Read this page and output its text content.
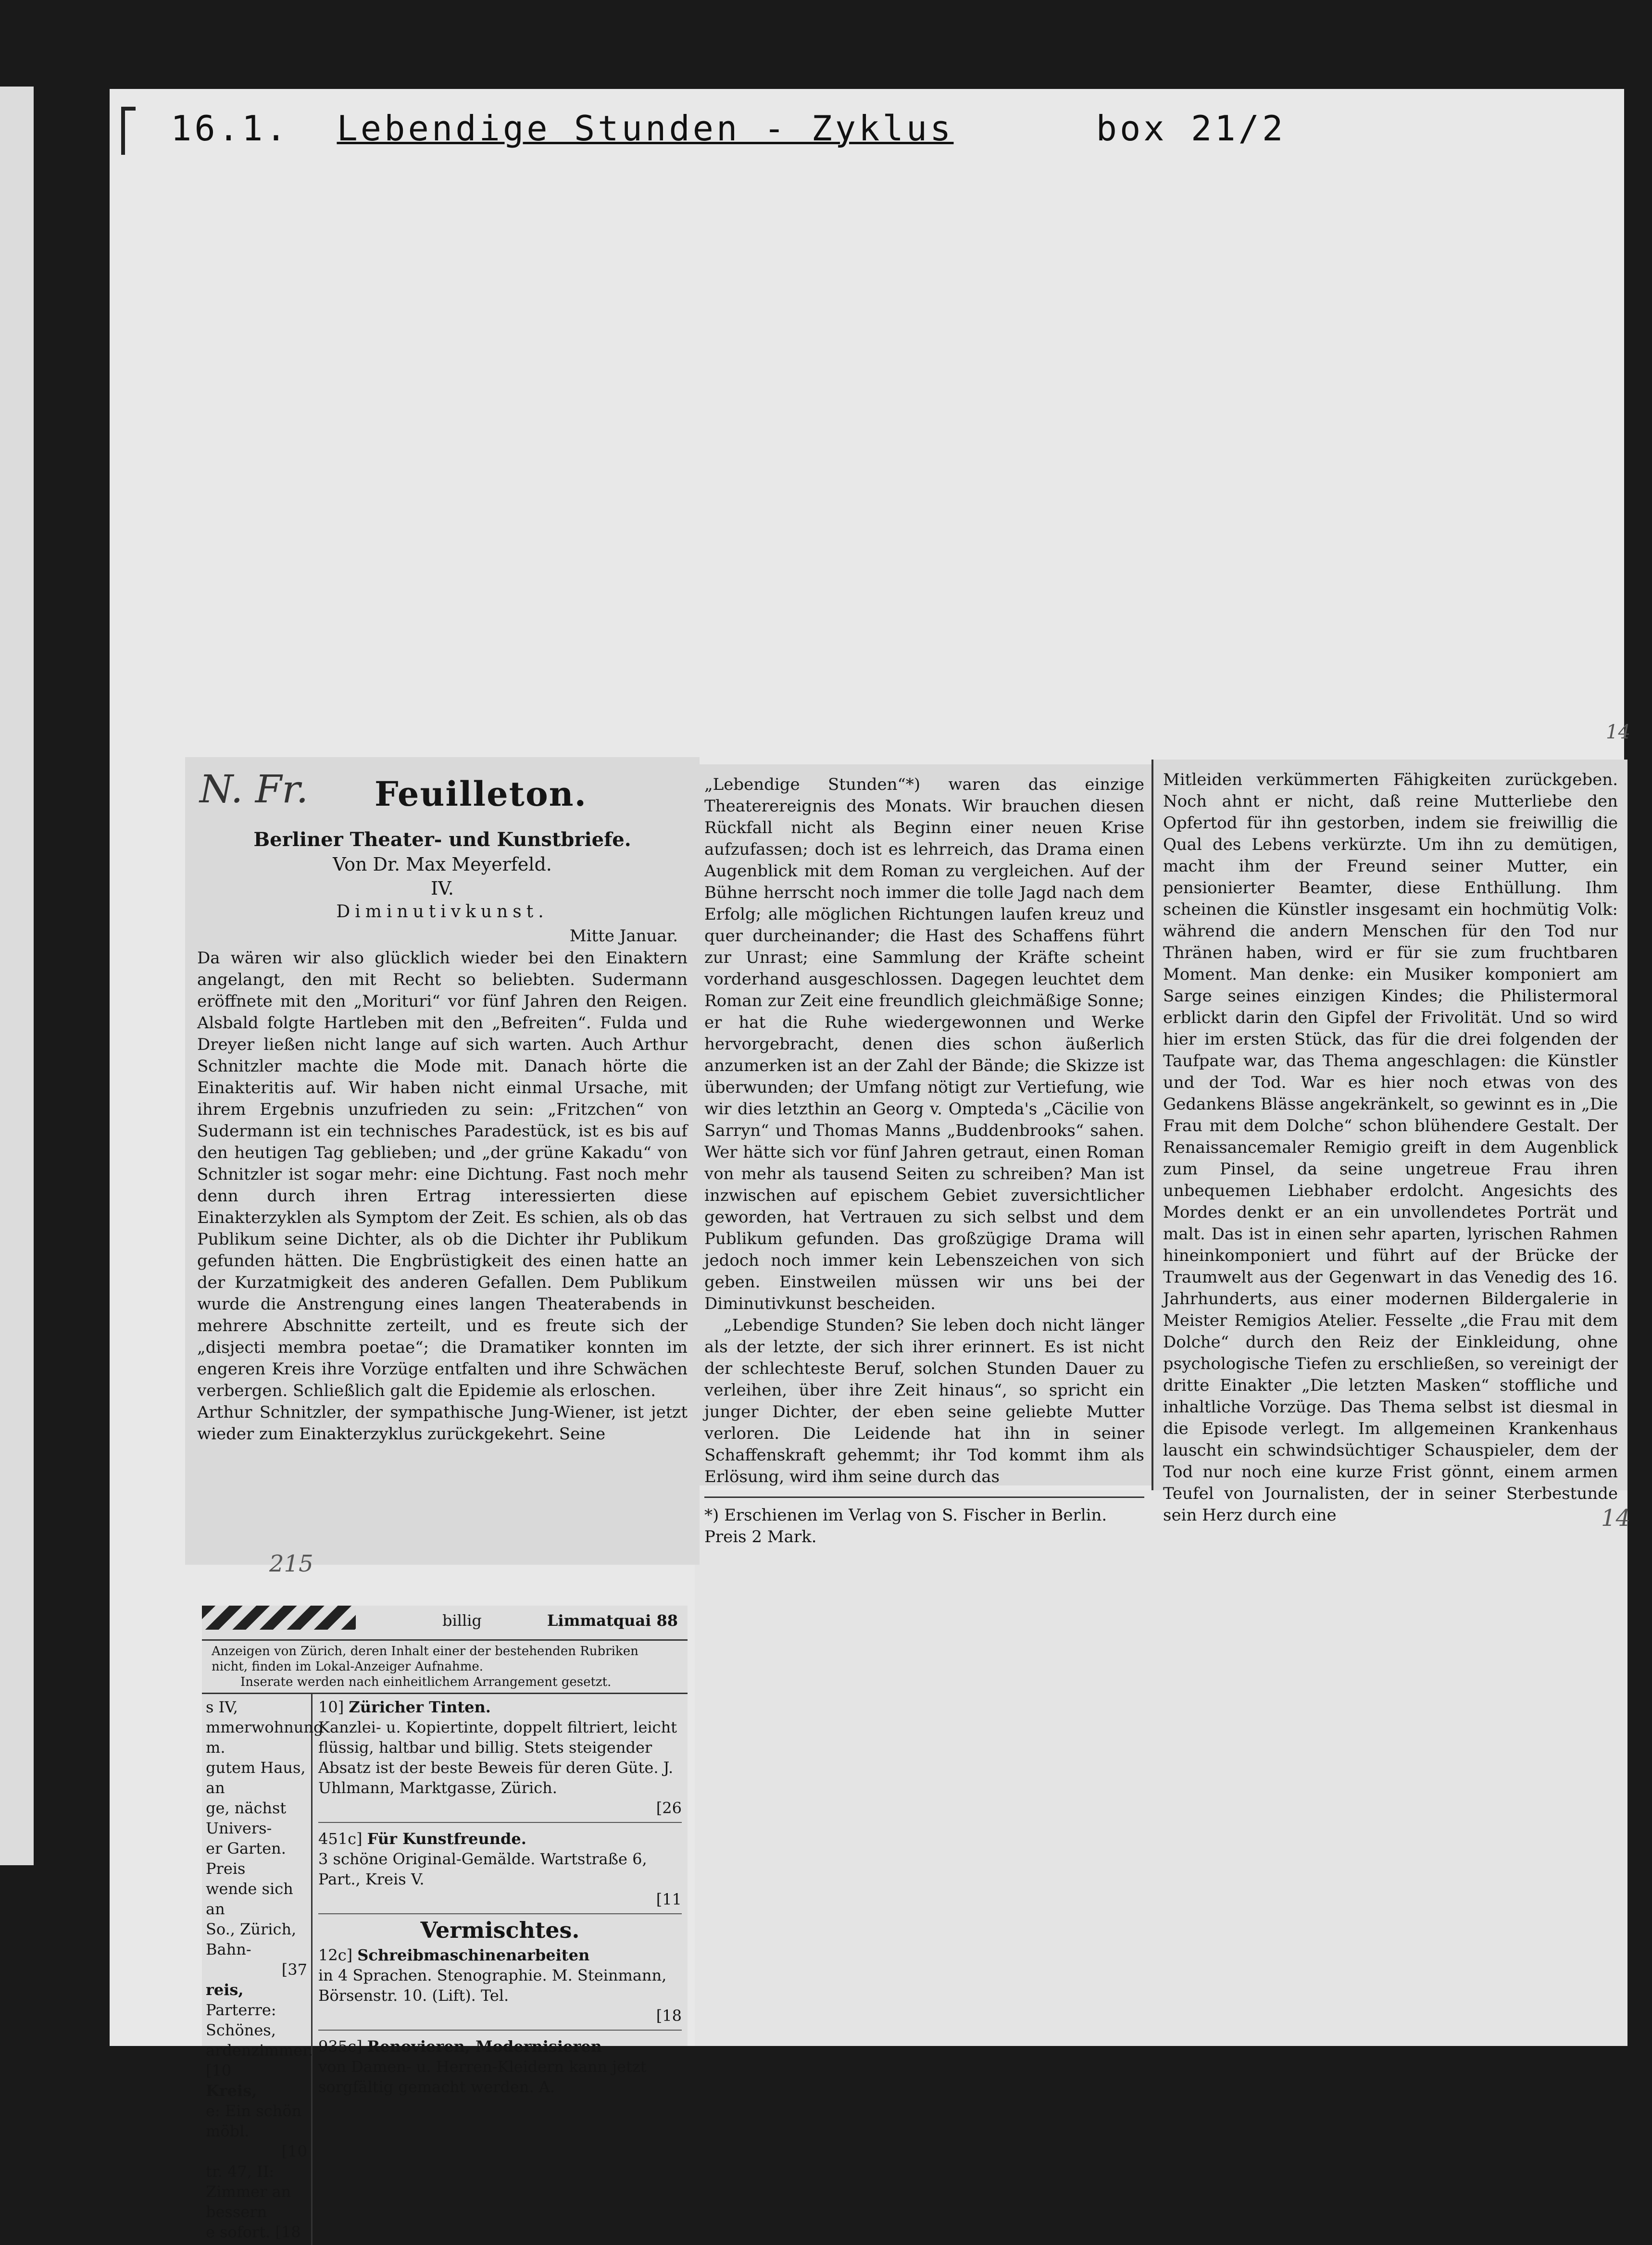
16.1. Lebendige Stunden - Zyklus	box 21/2
N. Fr.	Feuilleton.
Berliner Theater- und Kunstbriefe.
Von Dr. Max Meyerfeld.
IV.
Diminutivkunst.
Mitte Januar.
Da wären wir also glücklich wieder bei den Einaktern angelangt, den mit Recht so beliebten. Sudermann eröffnete mit den „Morituri“ vor fünf Jahren den Reigen. Alsbald folgte Hartleben mit den „Befreiten“. Fulda und Dreyer ließen nicht lange auf sich warten. Auch Arthur Schnitzler machte die Mode mit. Danach hörte die Einakteritis auf. Wir haben nicht einmal Ursache, mit ihrem Ergebnis unzufrieden zu sein: „Fritzchen“ von Sudermann ist ein technisches Paradestück, ist es bis auf den heutigen Tag geblieben; und „der grüne Kakadu“ von Schnitzler ist sogar mehr: eine Dichtung. Fast noch mehr denn durch ihren Ertrag interessierten diese Einakterzyklen als Symptom der Zeit. Es schien, als ob das Publikum seine Dichter, als ob die Dichter ihr Publikum gefunden hätten. Die Engbrüstigkeit des einen hatte an der Kurzatmigkeit des anderen Gefallen. Dem Publikum wurde die Anstrengung eines langen Theaterabends in mehrere Abschnitte zerteilt, und es freute sich der „disjecti membra poetae“; die Dramatiker konnten im engeren Kreis ihre Vorzüge entfalten und ihre Schwächen verbergen. Schließlich galt die Epidemie als erloschen.
Arthur Schnitzler, der sympathische Jung-Wiener, ist jetzt wieder zum Einakterzyklus zurückgekehrt. Seine
„Lebendige Stunden“*) waren das einzige Theaterereignis des Monats. Wir brauchen diesen Rückfall nicht als Beginn einer neuen Krise aufzufassen; doch ist es lehrreich, das Drama einen Augenblick mit dem Roman zu vergleichen. Auf der Bühne herrscht noch immer die tolle Jagd nach dem Erfolg; alle möglichen Richtungen laufen kreuz und quer durcheinander; die Hast des Schaffens führt zur Unrast; eine Sammlung der Kräfte scheint vorderhand ausgeschlossen. Dagegen leuchtet dem Roman zur Zeit eine freundlich gleichmäßige Sonne; er hat die Ruhe wiedergewonnen und Werke hervorgebracht, denen dies schon äußerlich anzumerken ist an der Zahl der Bände; die Skizze ist überwunden; der Umfang nötigt zur Vertiefung, wie wir dies letzthin an Georg v. Ompteda's „Cäcilie von Sarryn“ und Thomas Manns „Buddenbrooks“ sahen. Wer hätte sich vor fünf Jahren getraut, einen Roman von mehr als tausend Seiten zu schreiben? Man ist inzwischen auf epischem Gebiet zuversichtlicher geworden, hat Vertrauen zu sich selbst und dem Publikum gefunden. Das großzügige Drama will jedoch noch immer kein Lebenszeichen von sich geben. Einstweilen müssen wir uns bei der Diminutivkunst bescheiden.
„Lebendige Stunden? Sie leben doch nicht länger als der letzte, der sich ihrer erinnert. Es ist nicht der schlechteste Beruf, solchen Stunden Dauer zu verleihen, über ihre Zeit hinaus“, so spricht ein junger Dichter, der eben seine geliebte Mutter verloren. Die Leidende hat ihn in seiner Schaffenskraft gehemmt; ihr Tod kommt ihm als Erlösung, wird ihm seine durch das
*) Erschienen im Verlag von S. Fischer in Berlin. Preis 2 Mark.
Mitleiden verkümmerten Fähigkeiten zurückgeben. Noch ahnt er nicht, daß reine Mutterliebe den Opfertod für ihn gestorben, indem sie freiwillig die Qual des Lebens verkürzte. Um ihn zu demütigen, macht ihm der Freund seiner Mutter, ein pensionierter Beamter, diese Enthüllung. Ihm scheinen die Künstler insgesamt ein hochmütig Volk: während die andern Menschen für den Tod nur Thränen haben, wird er für sie zum fruchtbaren Moment. Man denke: ein Musiker komponiert am Sarge seines einzigen Kindes; die Philistermoral erblickt darin den Gipfel der Frivolität. Und so wird hier im ersten Stück, das für die drei folgenden der Taufpate war, das Thema angeschlagen: die Künstler und der Tod. War es hier noch etwas von des Gedankens Blässe angekränkelt, so gewinnt es in „Die Frau mit dem Dolche“ schon blühendere Gestalt. Der Renaissancemaler Remigio greift in dem Augenblick zum Pinsel, da seine ungetreue Frau ihren unbequemen Liebhaber erdolcht. Angesichts des Mordes denkt er an ein unvollendetes Porträt und malt. Das ist in einen sehr aparten, lyrischen Rahmen hineinkomponiert und führt auf der Brücke der Traumwelt aus der Gegenwart in das Venedig des 16. Jahrhunderts, aus einer modernen Bildergalerie in Meister Remigios Atelier. Fesselte „die Frau mit dem Dolche“ durch den Reiz der Einkleidung, ohne psychologische Tiefen zu erschließen, so vereinigt der dritte Einakter „Die letzten Masken“ stoffliche und inhaltliche Vorzüge. Das Thema selbst ist diesmal in die Episode verlegt. Im allgemeinen Krankenhaus lauscht ein schwindsüchtiger Schauspieler, dem der Tod nur noch eine kurze Frist gönnt, einem armen Teufel von Journalisten, der in seiner Sterbestunde sein Herz durch eine
215
14
14
billig	Limmatquai 88
Anzeigen von Zürich, deren Inhalt einer der bestehenden Rubriken nicht, finden im Lokal-Anzeiger Aufnahme.
Inserate werden nach einheitlichem Arrangement gesetzt.
s IV,
mmerwohnung m.
gutem Haus, an
ge, nächst Univers-
er Garten. Preis
wende sich an
So., Zürich, Bahn-
[37
reis,
Parterre: Schönes,
ardenzimmer. [10
Kreis,
e: Ein schön möbl.
[10
tr. 47, II:
Zimmer an bessern
e sofort. [18
10] Züricher Tinten.
Kanzlei- u. Kopiertinte, doppelt filtriert, leicht flüssig, haltbar und billig. Stets steigender Absatz ist der beste Beweis für deren Güte. J. Uhlmann, Marktgasse, Zürich.
[26
451c] Für Kunstfreunde.
3 schöne Original-Gemälde. Wartstraße 6, Part., Kreis V.
[11
Vermischtes.
12c] Schreibmaschinenarbeiten
in 4 Sprachen. Stenographie. M. Steinmann, Börsenstr. 10. (Lift). Tel.
[18
935c] Renovieren, Modernisieren
von Damen- u. Herren-Kleidern kann jetzt sorgfältig gemacht werden. A.
